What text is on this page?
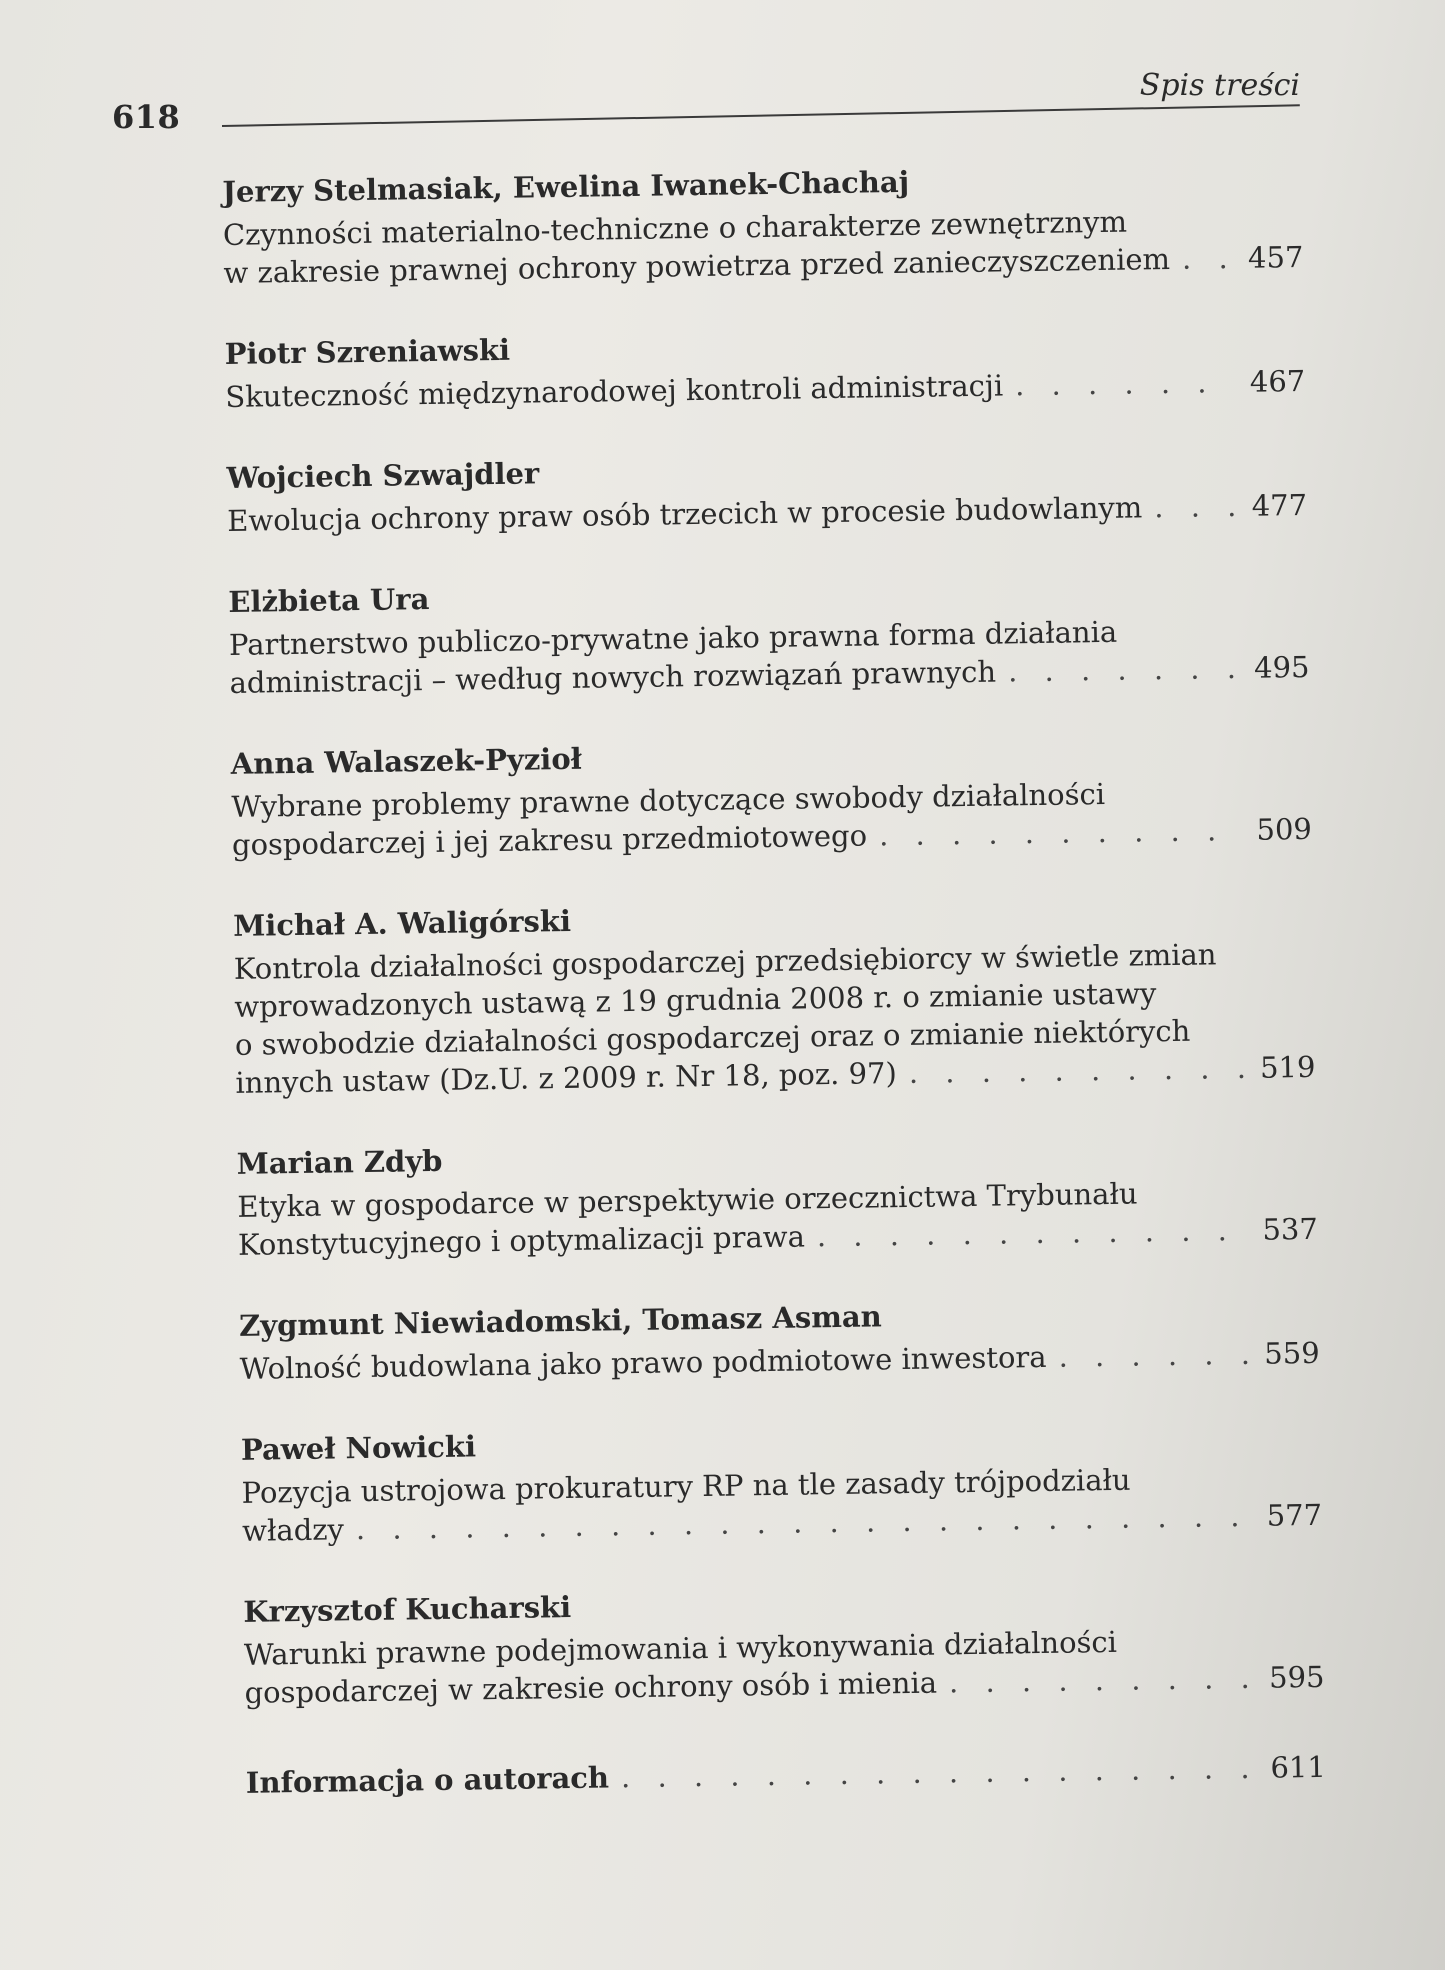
618
Spis treści
Jerzy Stelmasiak, Ewelina Iwanek-Chachaj
Czynności materialno-techniczne o charakterze zewnętrznym
w zakresie prawnej ochrony powietrza przed zanieczyszczeniem . . .	457
Piotr Szreniawski
Skuteczność międzynarodowej kontroli administracji . . .	467
Wojciech Szwajdler
Ewolucja ochrony praw osób trzecich w procesie budowlanym . . .	477
Elżbieta Ura
Partnerstwo publiczo-prywatne jako prawna forma działania
administracji – według nowych rozwiązań prawnych . . .	495
Anna Walaszek-Pyzioł
Wybrane problemy prawne dotyczące swobody działalności
gospodarczej i jej zakresu przedmiotowego . . .	509
Michał A. Waligórski
Kontrola działalności gospodarczej przedsiębiorcy w świetle zmian
wprowadzonych ustawą z 19 grudnia 2008 r. o zmianie ustawy
o swobodzie działalności gospodarczej oraz o zmianie niektórych
innych ustaw (Dz.U. z 2009 r. Nr 18, poz. 97) . . .	519
Marian Zdyb
Etyka w gospodarce w perspektywie orzecznictwa Trybunału
Konstytucyjnego i optymalizacji prawa . . .	537
Zygmunt Niewiadomski, Tomasz Asman
Wolność budowlana jako prawo podmiotowe inwestora . . .	559
Paweł Nowicki
Pozycja ustrojowa prokuratury RP na tle zasady trójpodziału
władzy . . .	577
Krzysztof Kucharski
Warunki prawne podejmowania i wykonywania działalności
gospodarczej w zakresie ochrony osób i mienia . . .	595
Informacja o autorach . . .	611
